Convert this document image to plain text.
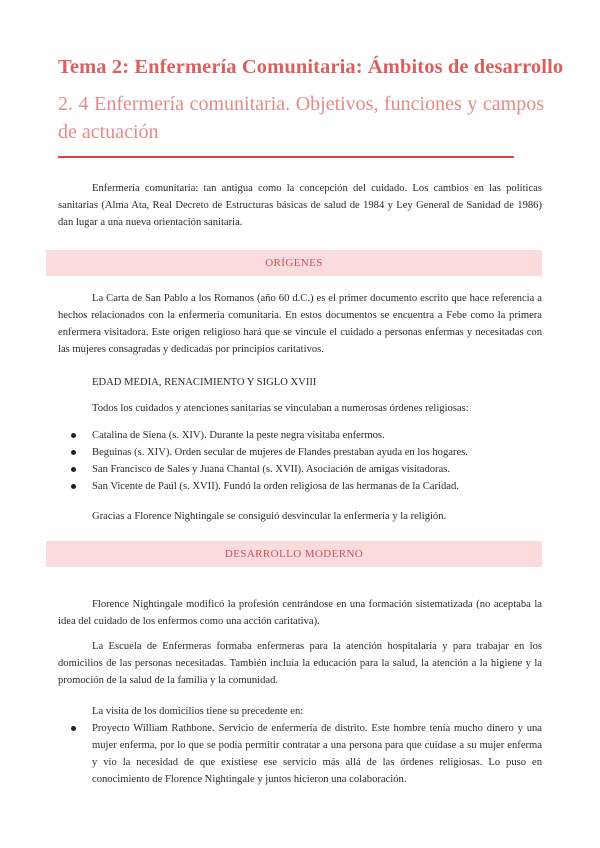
Tema 2: Enfermería Comunitaria: Ámbitos de desarrollo
2. 4 Enfermería comunitaria. Objetivos, funciones y campos de actuación
Enfermería comunitaria: tan antigua como la concepción del cuidado. Los cambios en las políticas sanitarias (Alma Ata, Real Decreto de Estructuras básicas de salud de 1984 y Ley General de Sanidad de 1986) dan lugar a una nueva orientación sanitaria.
ORÍGENES
La Carta de San Pablo a los Romanos (año 60 d.C.) es el primer documento escrito que hace referencia a hechos relacionados con la enfermería comunitaria. En estos documentos se encuentra a Febe como la primera enfermera visitadora. Este origen religioso hará que se vincule el cuidado a personas enfermas y necesitadas con las mujeres consagradas y dedicadas por principios caritativos.
EDAD MEDIA, RENACIMIENTO Y SIGLO XVIII
Todos los cuidados y atenciones sanitarias se vinculaban a numerosas órdenes religiosas:
Catalina de Siena (s. XIV). Durante la peste negra visitaba enfermos.
Beguinas (s. XIV). Orden secular de mujeres de Flandes prestaban ayuda en los hogares.
San Francisco de Sales y Juana Chantal (s. XVII). Asociación de amigas visitadoras.
San Vicente de Paúl (s. XVII). Fundó la orden religiosa de las hermanas de la Caridad.
Gracias a Florence Nightingale se consiguió desvincular la enfermería y la religión.
DESARROLLO MODERNO
Florence Nightingale modificó la profesión centrándose en una formación sistematizada (no aceptaba la idea del cuidado de los enfermos como una acción caritativa).
La Escuela de Enfermeras formaba enfermeras para la atención hospitalaria y para trabajar en los domicilios de las personas necesitadas. También incluía la educación para la salud, la atención a la higiene y la promoción de la salud de la familia y la comunidad.
La visita de los domicilios tiene su precedente en:
Proyecto William Rathbone. Servicio de enfermería de distrito. Este hombre tenía mucho dinero y una mujer enferma, por lo que se podía permitir contratar a una persona para que cuidase a su mujer enferma y vio la necesidad de que existiese ese servicio más allá de las órdenes religiosas. Lo puso en conocimiento de Florence Nightingale y juntos hicieron una colaboración.
